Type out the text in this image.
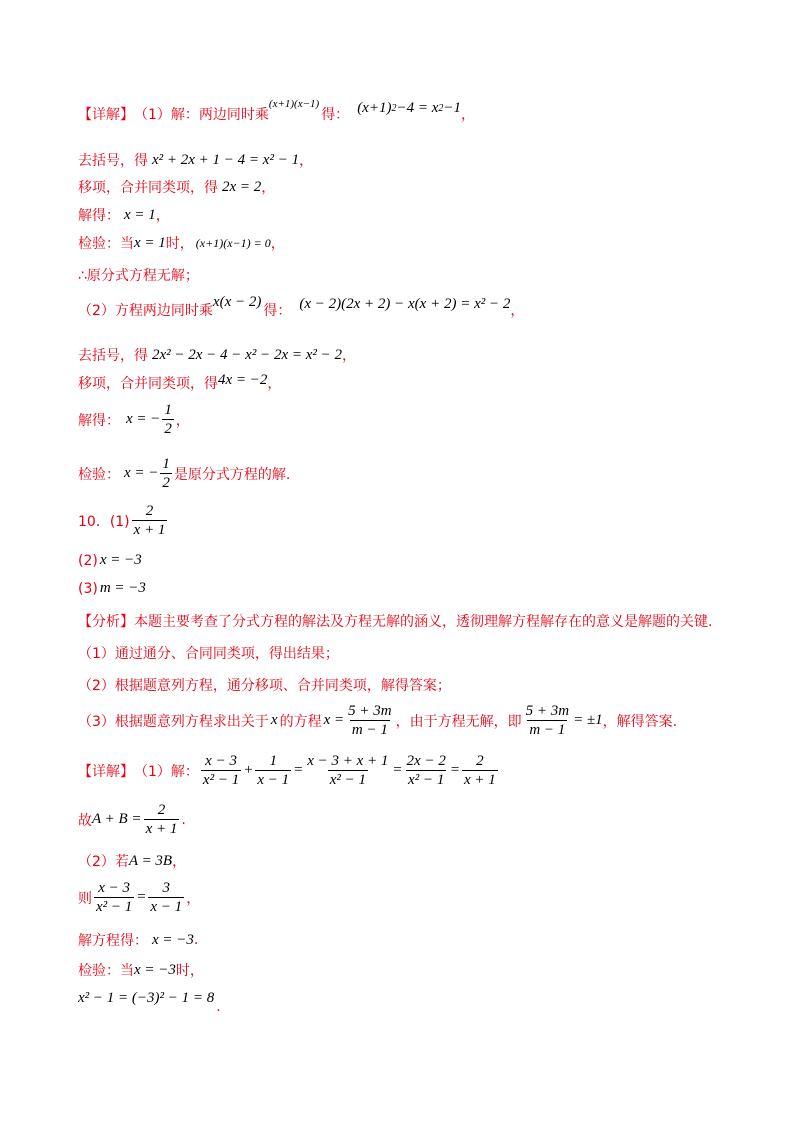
【详解】 （1）解：两边同时乘
(x+1)(x−1)
得： (x+1) 2 −4 = x 2 −1 ，
去括号，得 x² + 2x + 1 − 4 = x² − 1 ，
移项，合并同类项，得 2x = 2 ，
解得： x = 1 ，
检验：当 x = 1 时， (x+1)(x−1) = 0 ，
∴原分式方程无解；
（2）方程两边同时乘
x(x − 2)
得： (x − 2)(2x + 2) − x(x + 2) = x² − 2 ，
去括号，得 2x² − 2x − 4 − x² − 2x = x² − 2 ，
移项，合并同类项，得 4x = −2 ，
解得： x = − $\frac{1}{2}$ ，
检验： x = − $\frac{1}{2}$ 是原分式方程的解.
10．$(1) \frac{2}{x + 1}$
(2) x = −3
(3) m = −3
【分析】 本题主要考查了分式方程的解法及方程无解的涵义，透彻理解方程解存在的意义是解题的关键.
（1）通过通分、合同同类项，得出结果；
（2）根据题意列方程，通分移项、合并同类项，解得答案；
（3）根据题意列方程求出关于 x 的方程 $x = \frac{5 + 3m}{m - 1}$ ，由于方程无解，即 $\frac{5 + 3m}{m - 1} = \pm 1$ ，解得答案.
【详解】 （1）解： $\frac{x - 3}{\text{x² − 1}} + \frac{1}{x - 1} = \frac{x - 3 + x + 1}{\text{x² − 1}} = \frac{2x - 2}{\text{x² − 1}} = \frac{2}{x + 1}$
故 $A + B = \frac{2}{x + 1}$ .
（2）若 A = 3B ，
则 $\frac{x - 3}{\text{x² − 1}} = \frac{3}{x - 1}$ ，
解方程得： x = −3 .
检验：当 x = −3 时，
x² − 1 = (−3)² − 1 = 8
.
